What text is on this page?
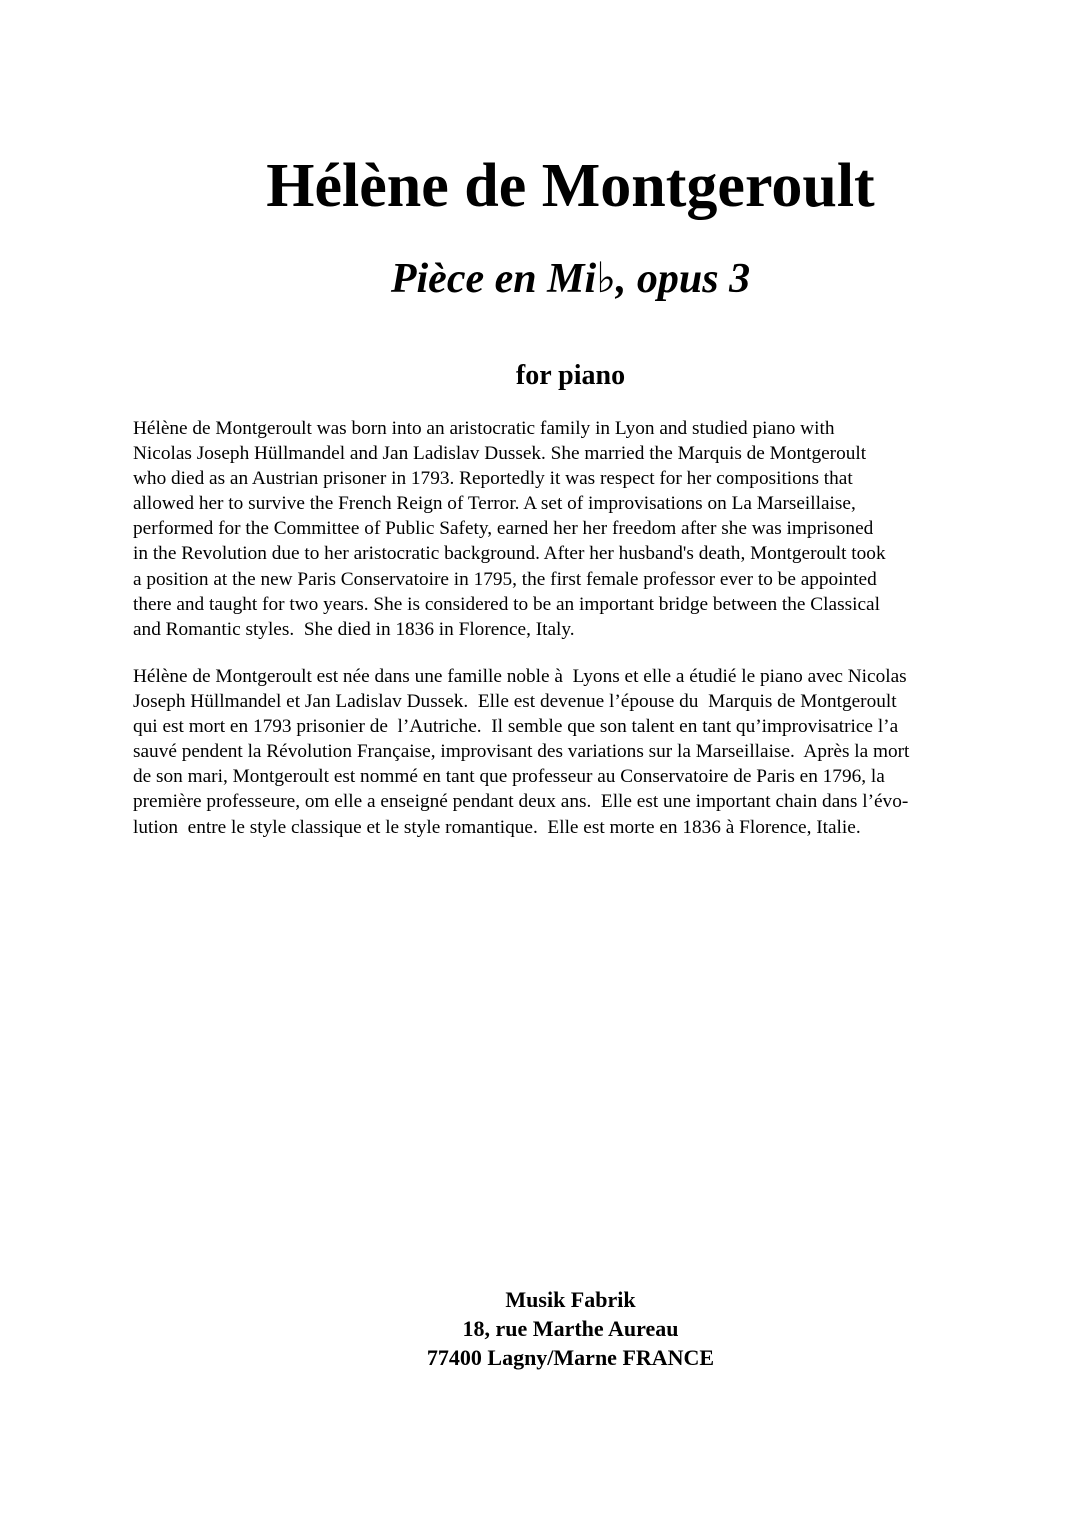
Hélène de Montgeroult
Pièce en Mi♭, opus 3
for piano
Hélène de Montgeroult was born into an aristocratic family in Lyon and studied piano with
Nicolas Joseph Hüllmandel and Jan Ladislav Dussek. She married the Marquis de Montgeroult
who died as an Austrian prisoner in 1793. Reportedly it was respect for her compositions that
allowed her to survive the French Reign of Terror. A set of improvisations on La Marseillaise,
performed for the Committee of Public Safety, earned her her freedom after she was imprisoned
in the Revolution due to her aristocratic background. After her husband's death, Montgeroult took
a position at the new Paris Conservatoire in 1795, the first female professor ever to be appointed
there and taught for two years. She is considered to be an important bridge between the Classical
and Romantic styles.  She died in 1836 in Florence, Italy.
Hélène de Montgeroult est née dans une famille noble à  Lyons et elle a étudié le piano avec Nicolas
Joseph Hüllmandel et Jan Ladislav Dussek.  Elle est devenue l’épouse du  Marquis de Montgeroult
qui est mort en 1793 prisonier de  l’Autriche.  Il semble que son talent en tant qu’improvisatrice l’a
sauvé pendent la Révolution Française, improvisant des variations sur la Marseillaise.  Après la mort
de son mari, Montgeroult est nommé en tant que professeur au Conservatoire de Paris en 1796, la
première professeure, om elle a enseigné pendant deux ans.  Elle est une important chain dans l’évo-
lution  entre le style classique et le style romantique.  Elle est morte en 1836 à Florence, Italie.
Musik Fabrik
18, rue Marthe Aureau
77400 Lagny/Marne FRANCE
